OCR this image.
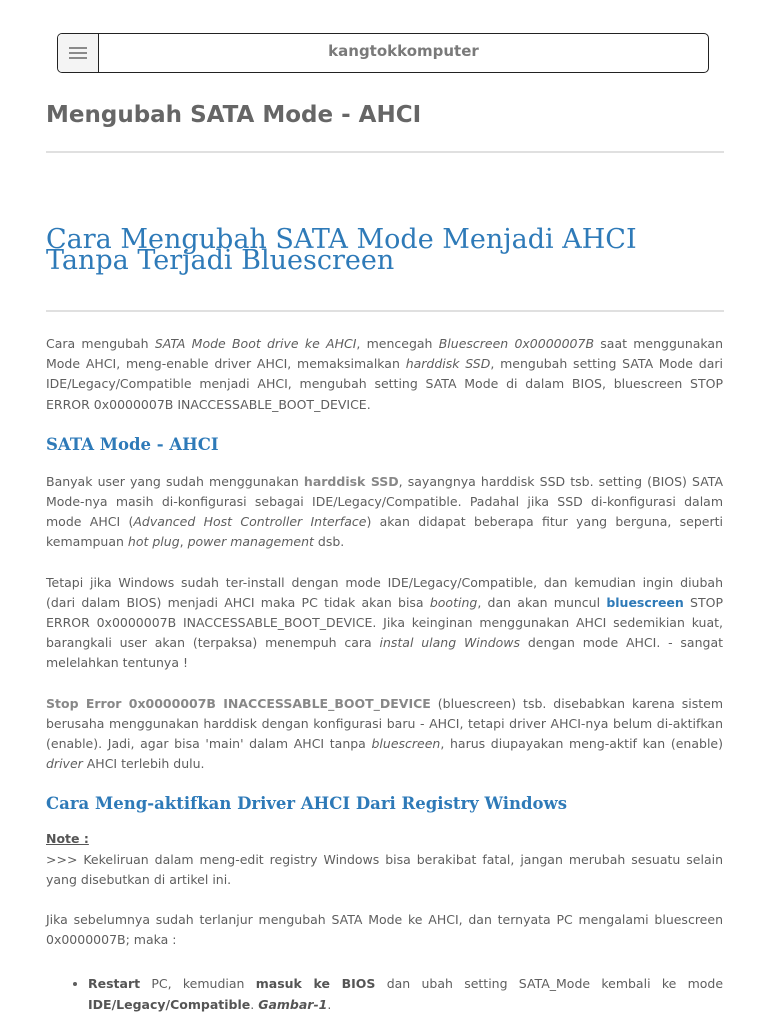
kangtokkomputer
Mengubah SATA Mode - AHCI
Cara Mengubah SATA Mode Menjadi AHCI Tanpa Terjadi Bluescreen

Cara mengubah SATA Mode Boot drive ke AHCI, mencegah Bluescreen 0x0000007B saat menggunakan Mode AHCI, meng-enable driver AHCI, memaksimalkan harddisk SSD, mengubah setting SATA Mode dari IDE/Legacy/Compatible menjadi AHCI, mengubah setting SATA Mode di dalam BIOS, bluescreen STOP ERROR 0x0000007B INACCESSABLE_BOOT_DEVICE.

SATA Mode - AHCI

Banyak user yang sudah menggunakan harddisk SSD, sayangnya harddisk SSD tsb. setting (BIOS) SATA Mode-nya masih di-konfigurasi sebagai IDE/Legacy/Compatible. Padahal jika SSD di-konfigurasi dalam mode AHCI (Advanced Host Controller Interface) akan didapat beberapa fitur yang berguna, seperti kemampuan hot plug, power management dsb.

Tetapi jika Windows sudah ter-install dengan mode IDE/Legacy/Compatible, dan kemudian ingin diubah (dari dalam BIOS) menjadi AHCI maka PC tidak akan bisa booting, dan akan muncul bluescreen STOP ERROR 0x0000007B INACCESSABLE_BOOT_DEVICE. Jika keinginan menggunakan AHCI sedemikian kuat, barangkali user akan (terpaksa) menempuh cara instal ulang Windows dengan mode AHCI. - sangat melelahkan tentunya !

Stop Error 0x0000007B INACCESSABLE_BOOT_DEVICE (bluescreen) tsb. disebabkan karena sistem berusaha menggunakan harddisk dengan konfigurasi baru - AHCI, tetapi driver AHCI-nya belum di-aktifkan (enable). Jadi, agar bisa 'main' dalam AHCI tanpa bluescreen, harus diupayakan meng-aktif kan (enable) driver AHCI terlebih dulu.

Cara Meng-aktifkan Driver AHCI Dari Registry Windows

Note :
>>> Kekeliruan dalam meng-edit registry Windows bisa berakibat fatal, jangan merubah sesuatu selain yang disebutkan di artikel ini.

Jika sebelumnya sudah terlanjur mengubah SATA Mode ke AHCI, dan ternyata PC mengalami bluescreen 0x0000007B; maka :

• Restart PC, kemudian masuk ke BIOS dan ubah setting SATA_Mode kembali ke mode IDE/Legacy/Compatible. Gambar-1.
